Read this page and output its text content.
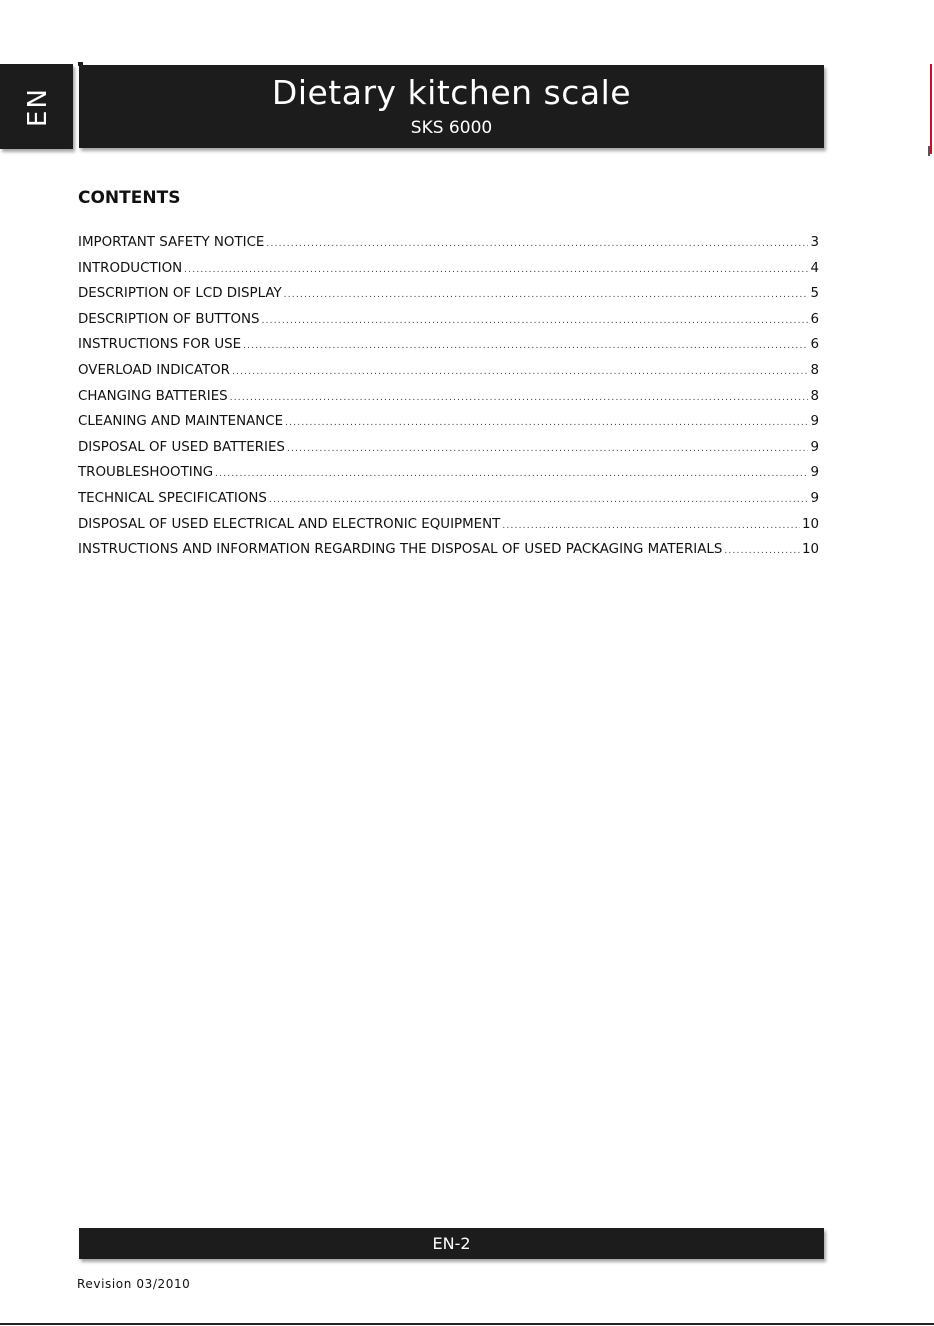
EN	Dietary kitchen scale
SKS 6000
CONTENTS
IMPORTANT SAFETY NOTICE .....	3
INTRODUCTION .....	4
DESCRIPTION OF LCD DISPLAY .....	5
DESCRIPTION OF BUTTONS .....	6
INSTRUCTIONS FOR USE .....	6
OVERLOAD INDICATOR .....	8
CHANGING BATTERIES .....	8
CLEANING AND MAINTENANCE .....	9
DISPOSAL OF USED BATTERIES .....	9
TROUBLESHOOTING .....	9
TECHNICAL SPECIFICATIONS .....	9
DISPOSAL OF USED ELECTRICAL AND ELECTRONIC EQUIPMENT .....	10
INSTRUCTIONS AND INFORMATION REGARDING THE DISPOSAL OF USED PACKAGING MATERIALS .....	10
EN-2
Revision 03/2010
